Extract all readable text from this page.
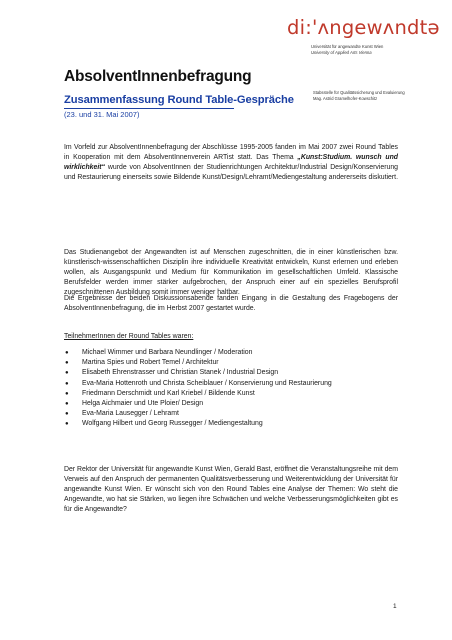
di:'ʌngewʌndtə
Universität für angewandte Kunst Wien
University of Applied Arts Vienna
Stabsstelle für Qualitätssicherung und Evaluierung
Mag. Astrid Gramelhofer-Kowschitz
AbsolventInnenbefragung
Zusammenfassung Round Table-Gespräche
(23. und 31. Mai 2007)

Im Vorfeld zur AbsolventInnenbefragung der Abschlüsse 1995-2005 fanden im Mai 2007 zwei Round Tables in Kooperation mit dem AbsolventInnenverein ARTist statt. Das Thema „Kunst:Studium. wunsch und wirklichkeit“ wurde von AbsolventInnen der Studienrichtungen Architektur/Industrial Design/Konservierung und Restaurierung einerseits sowie Bildende Kunst/Design/Lehramt/Mediengestaltung andererseits diskutiert.

Das Studienangebot der Angewandten ist auf Menschen zugeschnitten, die in einer künstlerischen bzw. künstlerisch-wissenschaftlichen Disziplin ihre individuelle Kreativität entwickeln, Kunst erlernen und erleben wollen, als Ausgangspunkt und Medium für Kommunikation im gesellschaftlichen Umfeld. Klassische Berufsfelder werden immer stärker aufgebrochen, der Anspruch einer auf ein spezielles Berufsprofil zugeschnittenen Ausbildung somit immer weniger haltbar.

Die Ergebnisse der beiden Diskussionsabende fanden Eingang in die Gestaltung des Fragebogens der AbsolventInnenbefragung, die im Herbst 2007 gestartet wurde.

TeilnehmerInnen der Round Tables waren:

● Michael Wimmer und Barbara Neundlinger / Moderation
● Martina Spies und Robert Temel / Architektur
● Elisabeth Ehrenstrasser und Christian Stanek / Industrial Design
● Eva-Maria Hottenroth und Christa Scheiblauer / Konservierung und Restaurierung
● Friedmann Derschmidt und Karl Kriebel / Bildende Kunst
● Helga Aichmaier und Ute Ploier/ Design
● Eva-Maria Lausegger / Lehramt
● Wolfgang Hilbert und Georg Russegger / Mediengestaltung

Der Rektor der Universität für angewandte Kunst Wien, Gerald Bast, eröffnet die Veranstaltungsreihe mit dem Verweis auf den Anspruch der permanenten Qualitätsverbesserung und Weiterentwicklung der Universität für angewandte Kunst Wien. Er wünscht sich von den Round Tables eine Analyse der Themen: Wo steht die Angewandte, wo hat sie Stärken, wo liegen ihre Schwächen und welche Verbesserungsmöglichkeiten gibt es für die Angewandte?

1
